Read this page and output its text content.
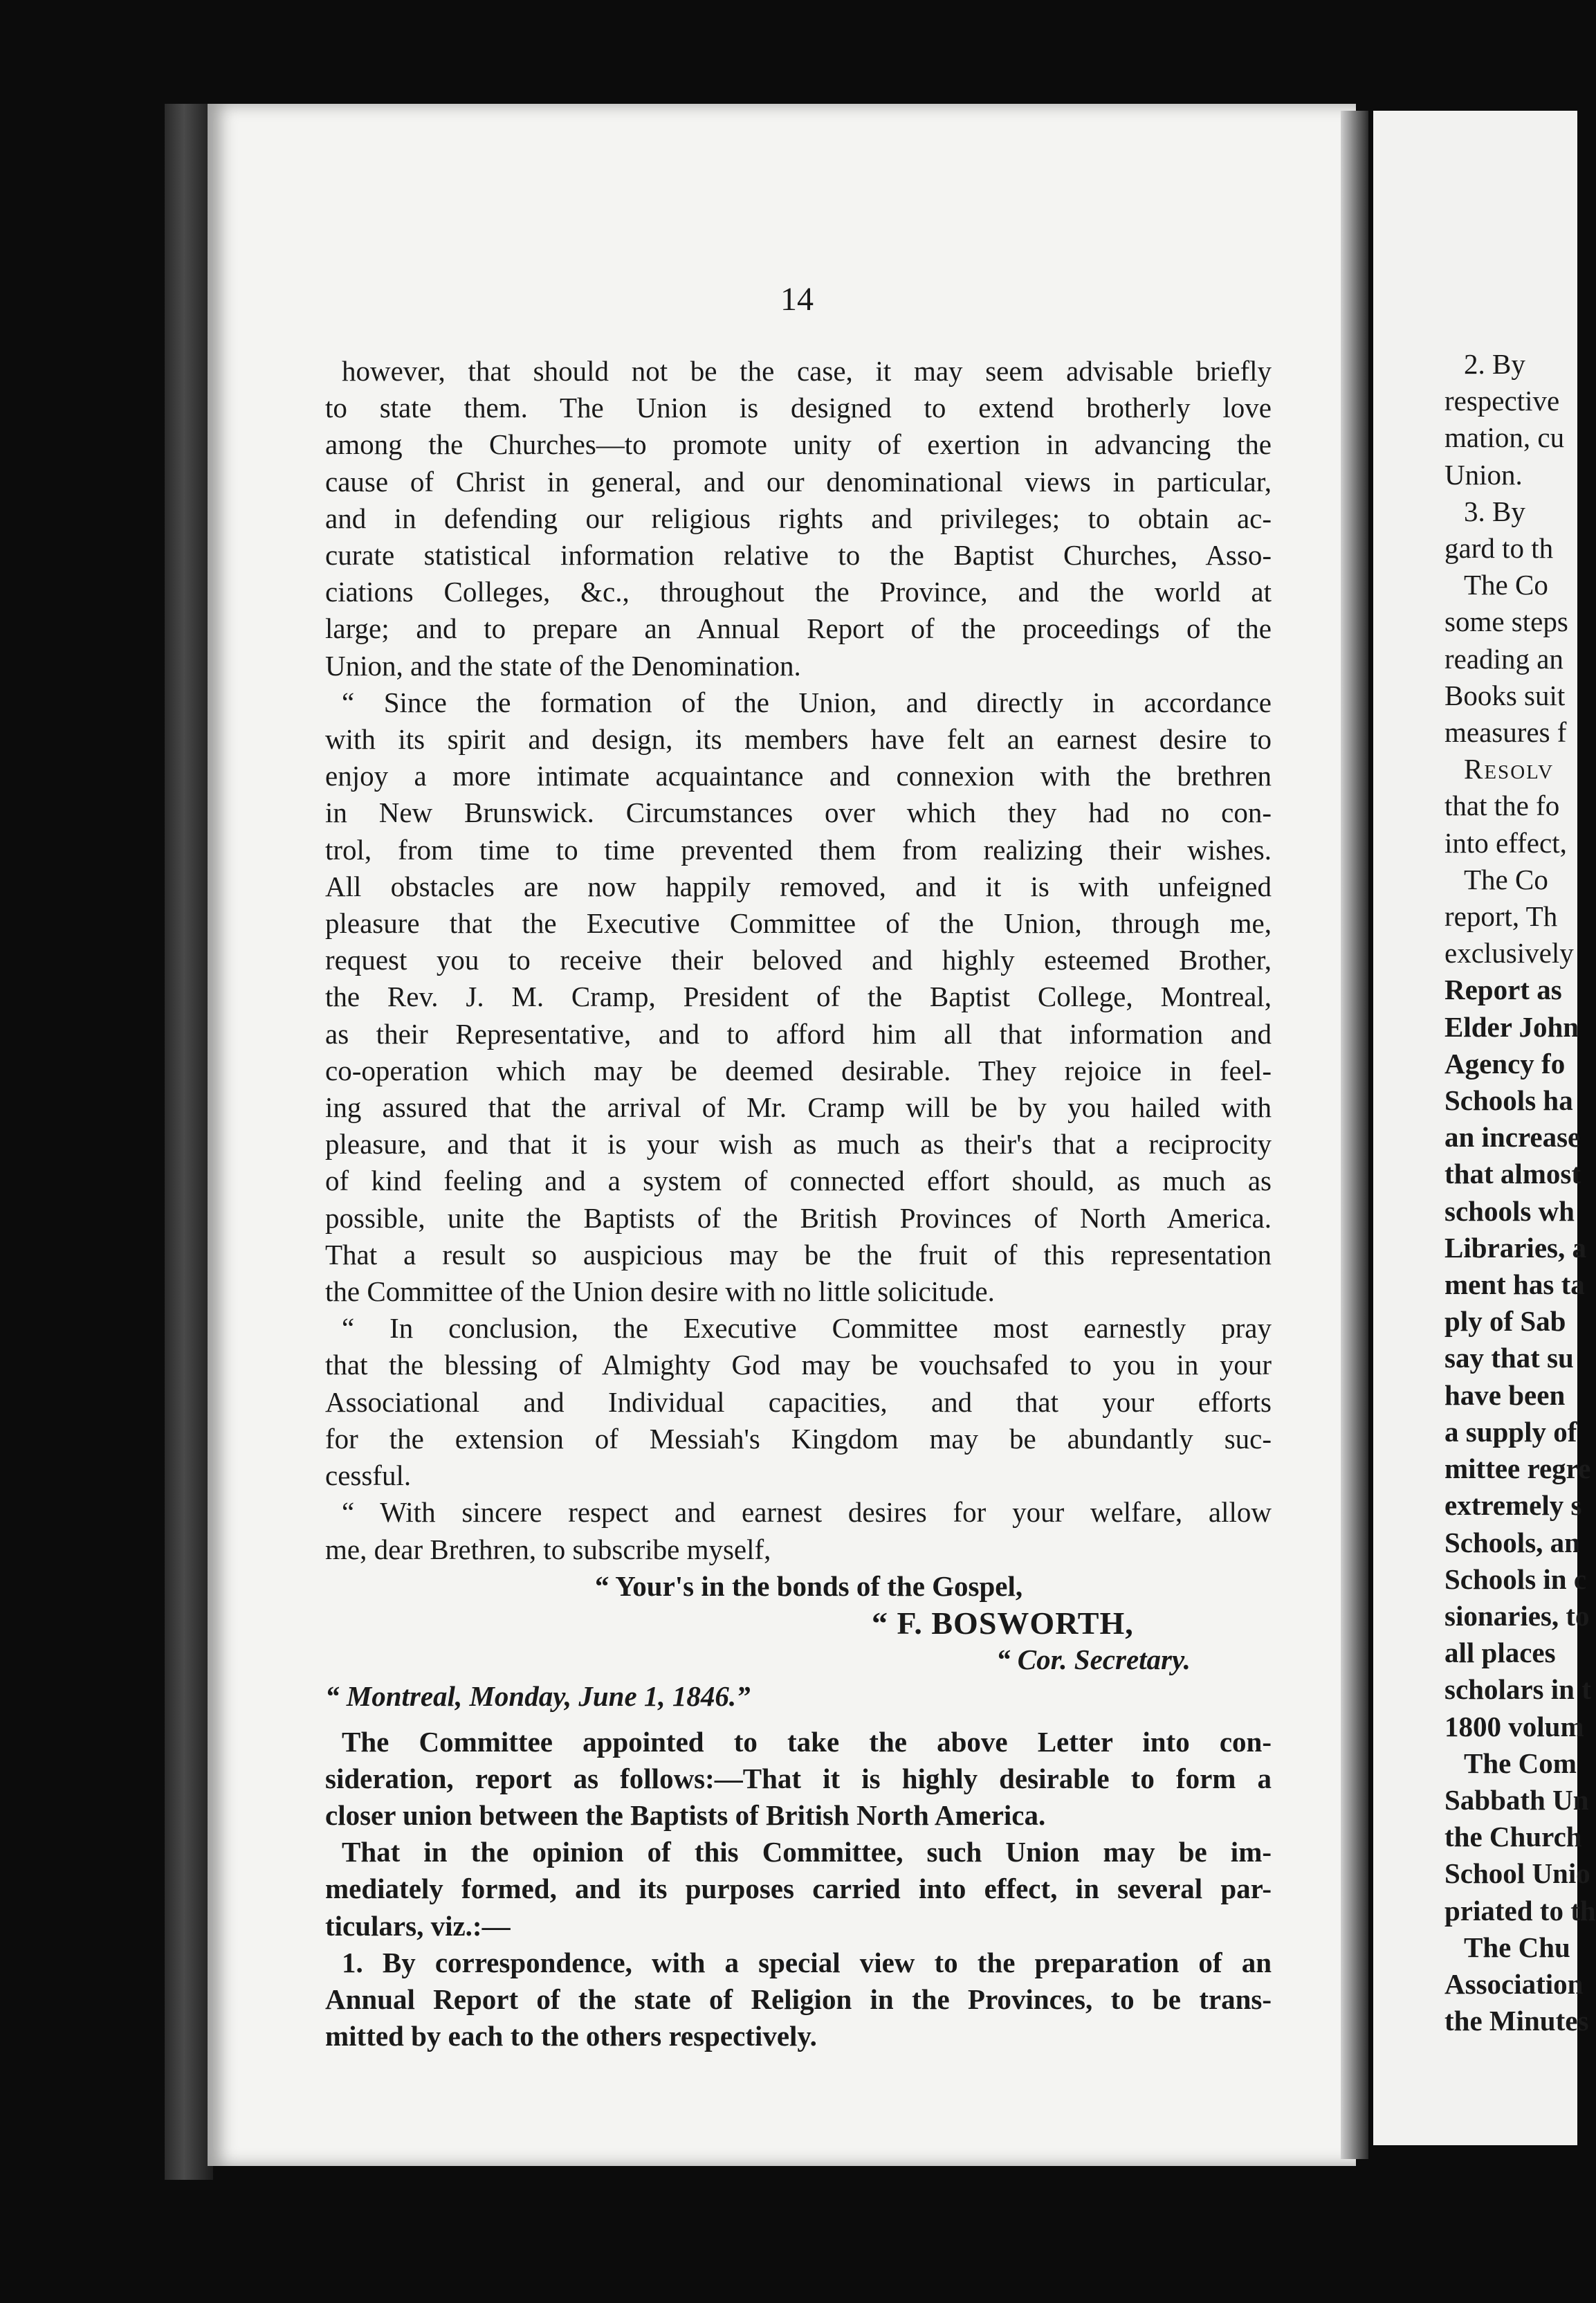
14
however, that should not be the case, it may seem advisable briefly
to state them. The Union is designed to extend brotherly love
among the Churches—to promote unity of exertion in advancing the
cause of Christ in general, and our denominational views in particular,
and in defending our religious rights and privileges; to obtain ac-
curate statistical information relative to the Baptist Churches, Asso-
ciations Colleges, &c., throughout the Province, and the world at
large; and to prepare an Annual Report of the proceedings of the
Union, and the state of the Denomination.
“ Since the formation of the Union, and directly in accordance
with its spirit and design, its members have felt an earnest desire to
enjoy a more intimate acquaintance and connexion with the brethren
in New Brunswick. Circumstances over which they had no con-
trol, from time to time prevented them from realizing their wishes.
All obstacles are now happily removed, and it is with unfeigned
pleasure that the Executive Committee of the Union, through me,
request you to receive their beloved and highly esteemed Brother,
the Rev. J. M. Cramp, President of the Baptist College, Montreal,
as their Representative, and to afford him all that information and
co-operation which may be deemed desirable. They rejoice in feel-
ing assured that the arrival of Mr. Cramp will be by you hailed with
pleasure, and that it is your wish as much as their's that a reciprocity
of kind feeling and a system of connected effort should, as much as
possible, unite the Baptists of the British Provinces of North America.
That a result so auspicious may be the fruit of this representation
the Committee of the Union desire with no little solicitude.
“ In conclusion, the Executive Committee most earnestly pray
that the blessing of Almighty God may be vouchsafed to you in your
Associational and Individual capacities, and that your efforts
for the extension of Messiah's Kingdom may be abundantly suc-
cessful.
“ With sincere respect and earnest desires for your welfare, allow
me, dear Brethren, to subscribe myself,
“ Your's in the bonds of the Gospel,
“ F. BOSWORTH,
“ Cor. Secretary.
“ Montreal, Monday, June 1, 1846.”
The Committee appointed to take the above Letter into con-
sideration, report as follows:—That it is highly desirable to form a
closer union between the Baptists of British North America.
That in the opinion of this Committee, such Union may be im-
mediately formed, and its purposes carried into effect, in several par-
ticulars, viz.:—
1. By correspondence, with a special view to the preparation of an
Annual Report of the state of Religion in the Provinces, to be trans-
mitted by each to the others respectively.
2. By
respective
mation, cu
Union.
3. By
gard to th
The Co
some steps
reading an
Books suit
measures f
Resolv
that the fo
into effect,
The Co
report, Th
exclusively
Report as
Elder John
Agency fo
Schools ha
an increase
that almost
schools wh
Libraries, a
ment has ta
ply of Sab
say that su
have been
a supply of
mittee regre
extremely s
Schools, an
Schools in c
sionaries, to
all places
scholars in t
1800 volum
The Com
Sabbath Un
the Church
School Unio
priated to th
The Chu
Association
the Minutes
